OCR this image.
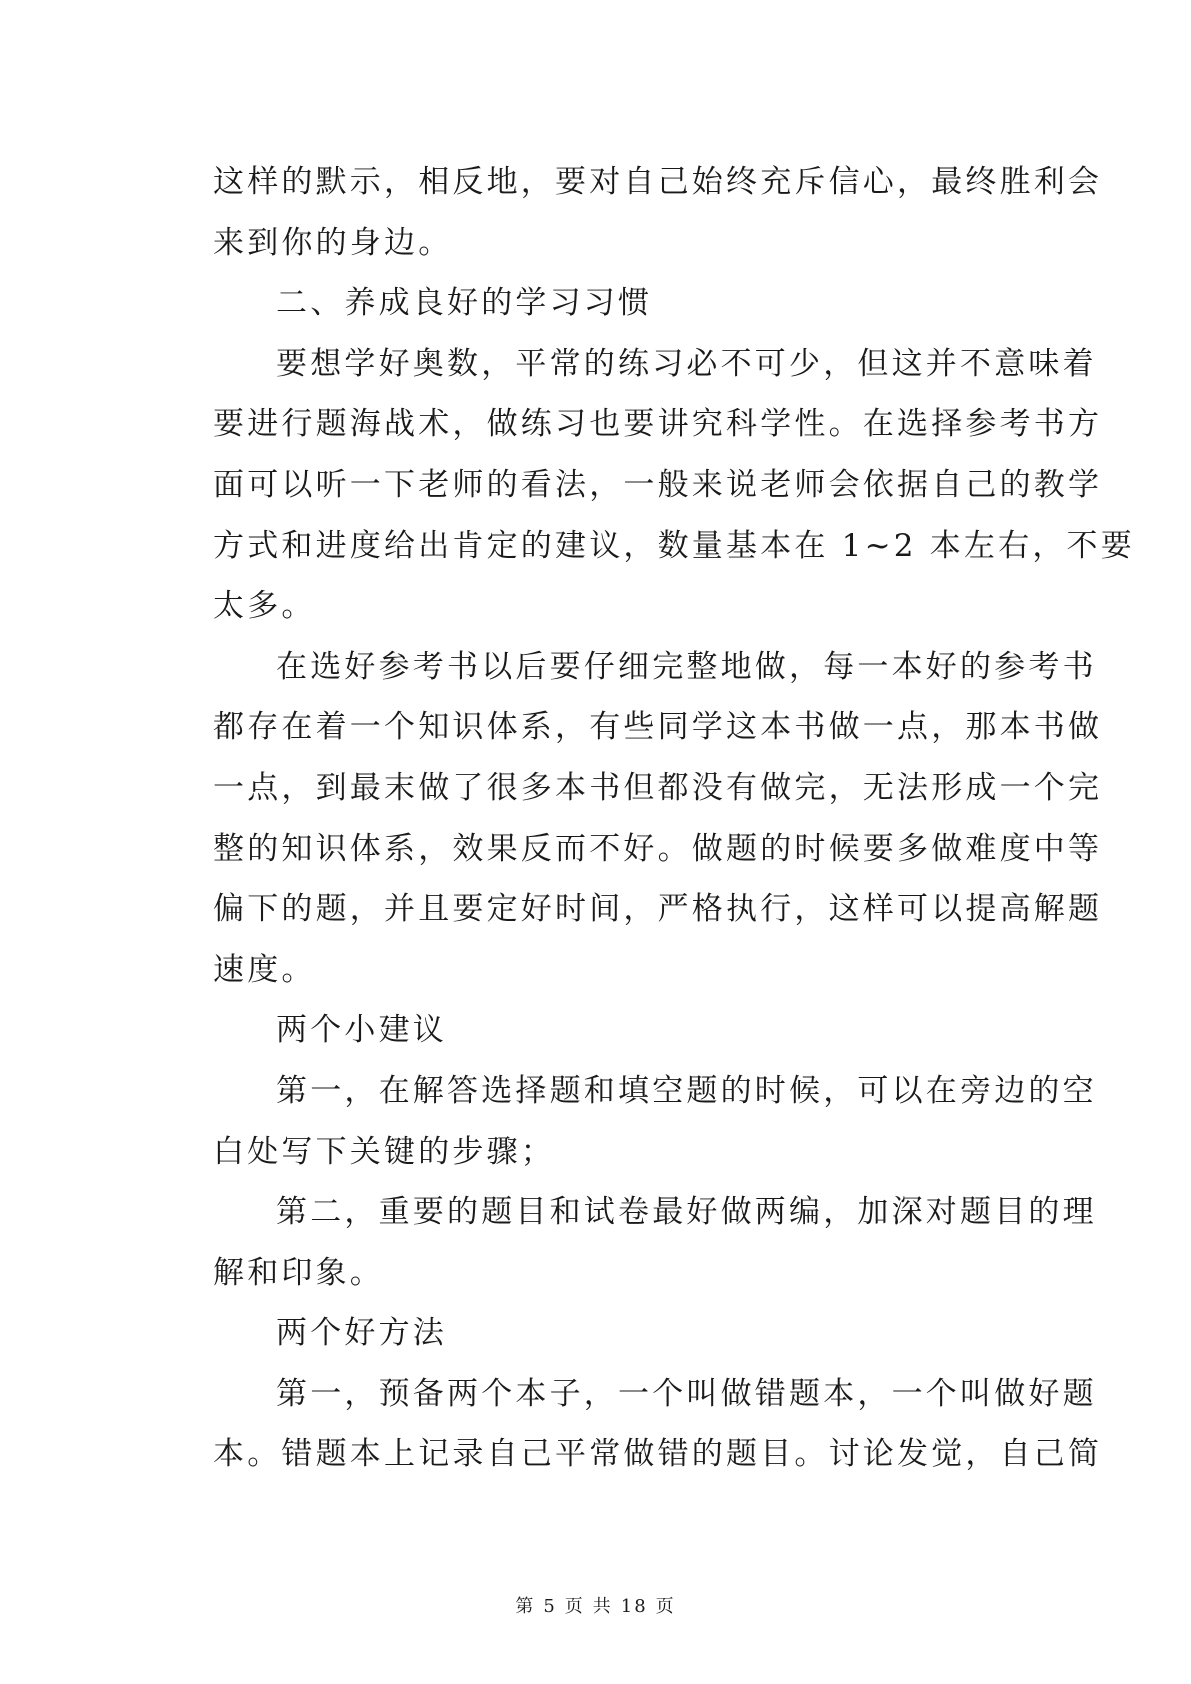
这样的默示，相反地，要对自己始终充斥信心，最终胜利会
来到你的身边。
二、养成良好的学习习惯
要想学好奥数，平常的练习必不可少，但这并不意味着
要进行题海战术，做练习也要讲究科学性。在选择参考书方
面可以听一下老师的看法，一般来说老师会依据自己的教学
方式和进度给出肯定的建议，数量基本在 1~2 本左右，不要
太多。
在选好参考书以后要仔细完整地做，每一本好的参考书
都存在着一个知识体系，有些同学这本书做一点，那本书做
一点，到最末做了很多本书但都没有做完，无法形成一个完
整的知识体系，效果反而不好。做题的时候要多做难度中等
偏下的题，并且要定好时间，严格执行，这样可以提高解题
速度。
两个小建议
第一，在解答选择题和填空题的时候，可以在旁边的空
白处写下关键的步骤；
第二，重要的题目和试卷最好做两编，加深对题目的理
解和印象。
两个好方法
第一，预备两个本子，一个叫做错题本，一个叫做好题
本。错题本上记录自己平常做错的题目。讨论发觉，自己简
第 5 页 共 18 页
